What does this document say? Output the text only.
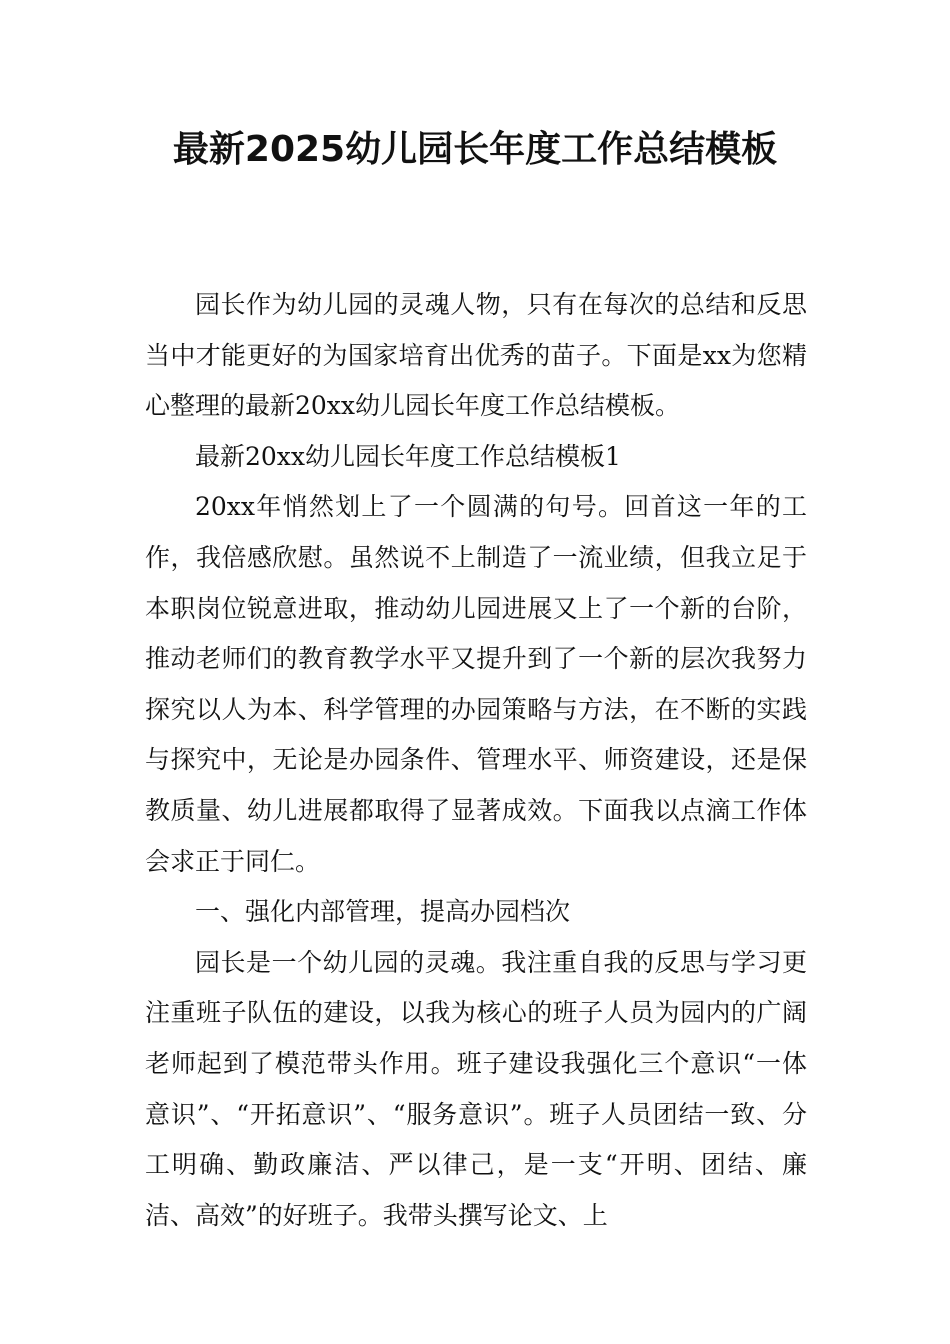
最新2025幼儿园长年度工作总结模板

园长作为幼儿园的灵魂人物，只有在每次的总结和反思当中才能更好的为国家培育出优秀的苗子。下面是xx为您精心整理的最新20xx幼儿园长年度工作总结模板。

最新20xx幼儿园长年度工作总结模板1

20xx年悄然划上了一个圆满的句号。回首这一年的工作，我倍感欣慰。虽然说不上制造了一流业绩，但我立足于本职岗位锐意进取，推动幼儿园进展又上了一个新的台阶，推动老师们的教育教学水平又提升到了一个新的层次我努力探究以人为本、科学管理的办园策略与方法，在不断的实践与探究中，无论是办园条件、管理水平、师资建设，还是保教质量、幼儿进展都取得了显著成效。下面我以点滴工作体会求正于同仁。

一、强化内部管理，提高办园档次

园长是一个幼儿园的灵魂。我注重自我的反思与学习更注重班子队伍的建设，以我为核心的班子人员为园内的广阔老师起到了模范带头作用。班子建设我强化三个意识“一体意识”、“开拓意识”、“服务意识”。班子人员团结一致、分工明确、勤政廉洁、严以律己，是一支“开明、团结、廉洁、高效”的好班子。我带头撰写论文、上
